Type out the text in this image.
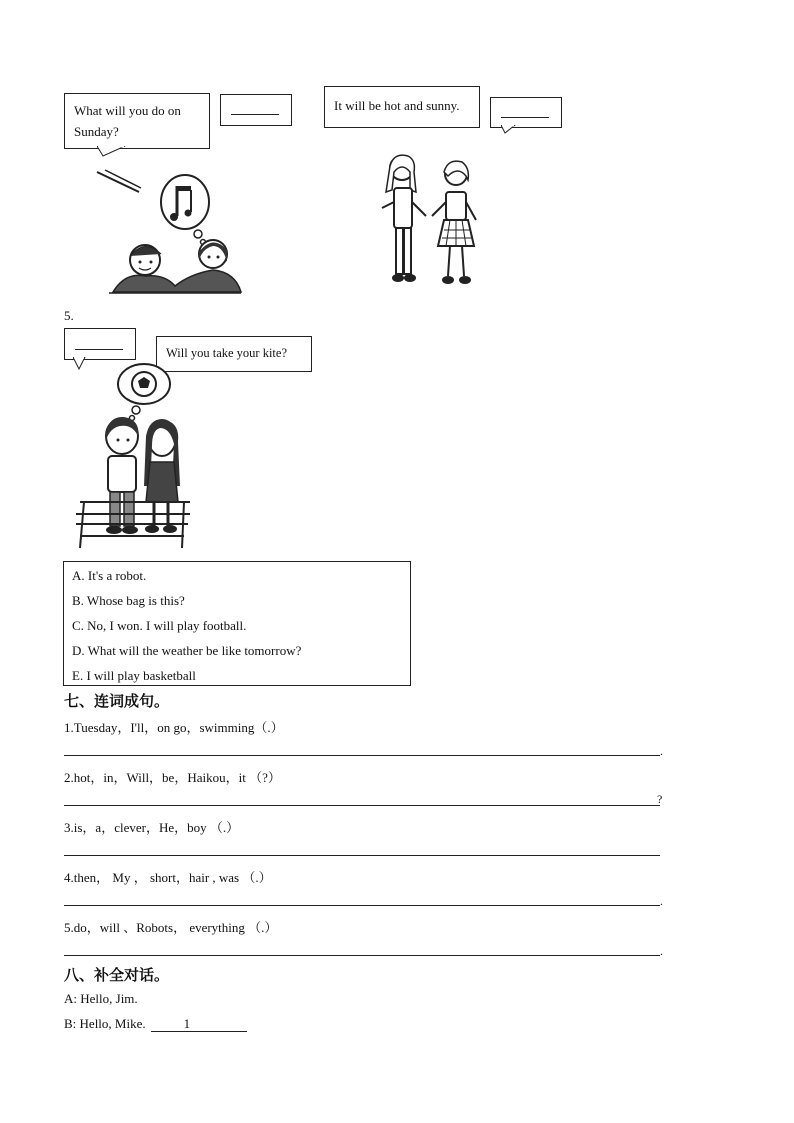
What will you do on Sunday?
It will be hot and sunny.
5.
Will you take your kite?
A. It's a robot.
B. Whose bag is this?
C. No, I won. I will play football.
D. What will the weather be like tomorrow?
E. I will play basketball
七、连词成句。
1.Tuesday，I'll，on go，swimming（.）
.
2.hot，in，Will，be，Haikou，it （?）
?
3.is，a，clever，He，boy （.）
4.then， My ， short，hair , was （.）
.
5.do，will 、Robots， everything （.）
.
八、补全对话。
A: Hello, Jim.
B: Hello, Mike.	1
